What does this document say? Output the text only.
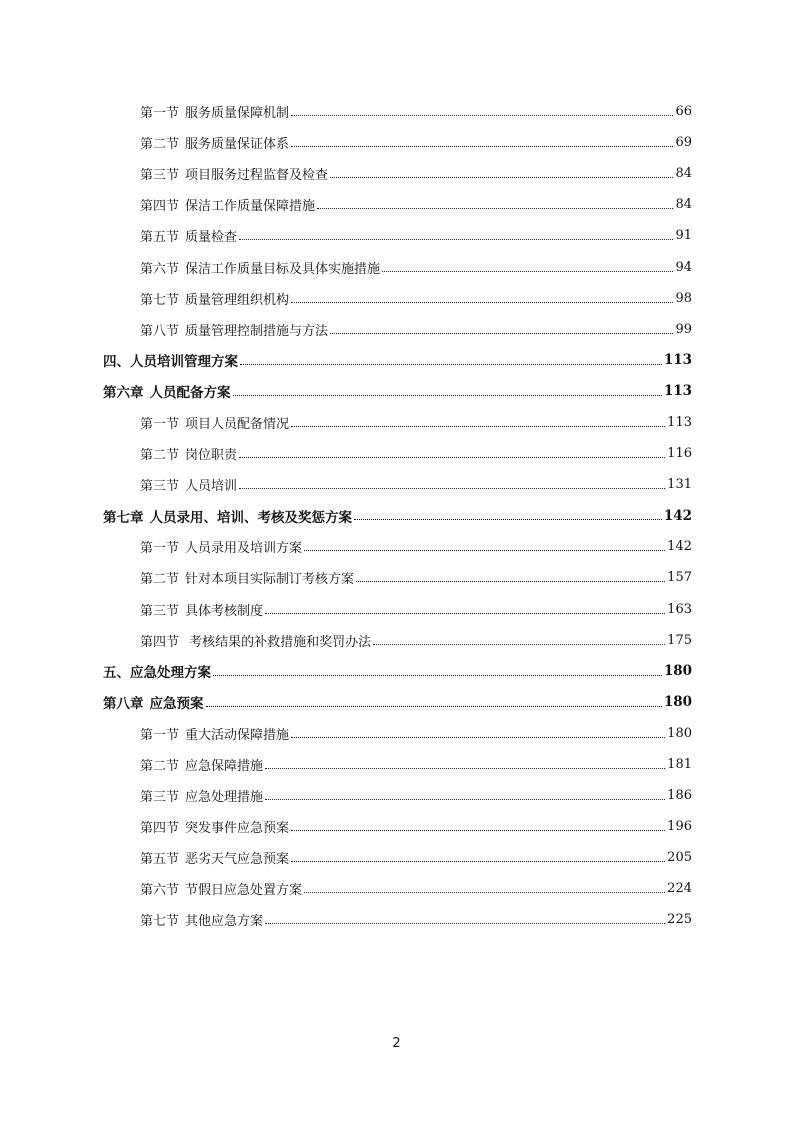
第一节 服务质量保障机制	66
第二节 服务质量保证体系	69
第三节 项目服务过程监督及检查	84
第四节 保洁工作质量保障措施	84
第五节 质量检查	91
第六节 保洁工作质量目标及具体实施措施	94
第七节 质量管理组织机构	98
第八节 质量管理控制措施与方法	99
四、人员培训管理方案	113
第六章 人员配备方案	113
第一节 项目人员配备情况	113
第二节 岗位职责	116
第三节 人员培训	131
第七章 人员录用、培训、考核及奖惩方案	142
第一节 人员录用及培训方案	142
第二节 针对本项目实际制订考核方案	157
第三节 具体考核制度	163
第四节 考核结果的补救措施和奖罚办法	175
五、应急处理方案	180
第八章 应急预案	180
第一节 重大活动保障措施	180
第二节 应急保障措施	181
第三节 应急处理措施	186
第四节 突发事件应急预案	196
第五节 恶劣天气应急预案	205
第六节 节假日应急处置方案	224
第七节 其他应急方案	225
2
